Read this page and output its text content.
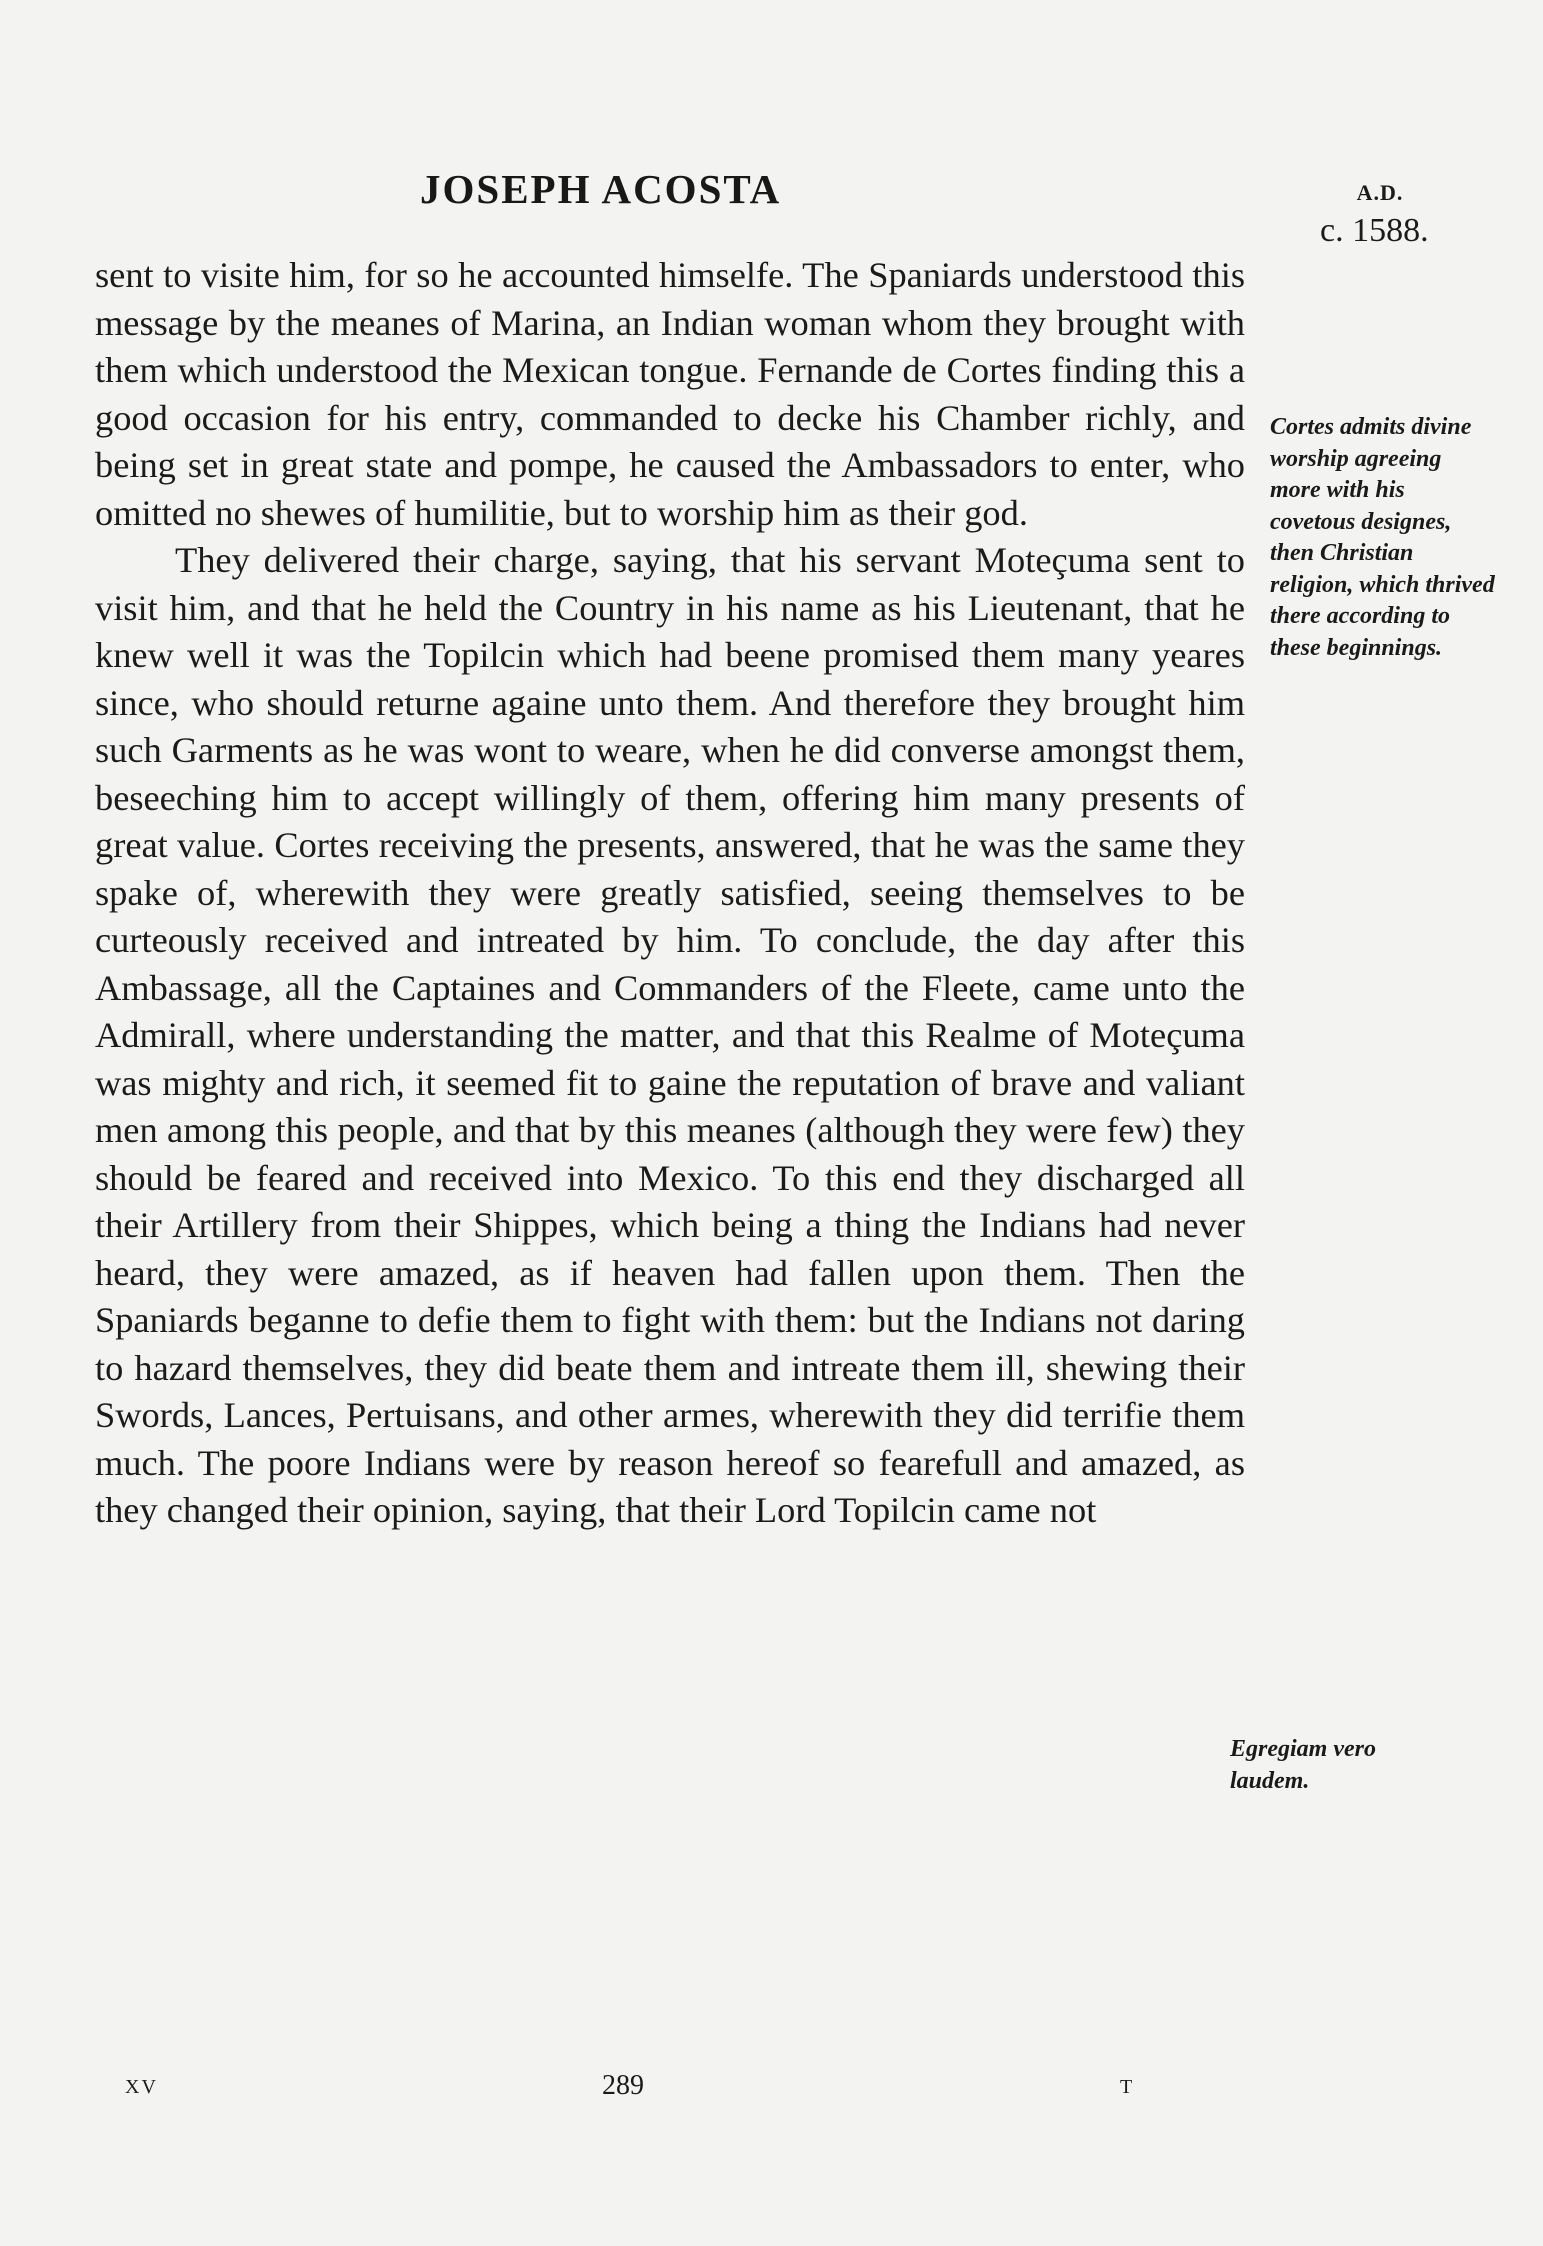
JOSEPH ACOSTA	A.D.
c. 1588.

sent to visite him, for so he accounted himselfe. The Spaniards understood this message by the meanes of Marina, an Indian woman whom they brought with them which understood the Mexican tongue. Fernande de Cortes finding this a good occasion for his entry, commanded to decke his Chamber richly, and being set in great state and pompe, he caused the Ambassadors to enter, who omitted no shewes of humilitie, but to worship him as their god.

They delivered their charge, saying, that his servant Moteçuma sent to visit him, and that he held the Country in his name as his Lieutenant, that he knew well it was the Topilcin which had beene promised them many yeares since, who should returne againe unto them. And therefore they brought him such Garments as he was wont to weare, when he did converse amongst them, beseeching him to accept willingly of them, offering him many presents of great value. Cortes receiving the presents, answered, that he was the same they spake of, wherewith they were greatly satisfied, seeing themselves to be curteously received and intreated by him. To conclude, the day after this Ambassage, all the Captaines and Commanders of the Fleete, came unto the Admirall, where understanding the matter, and that this Realme of Moteçuma was mighty and rich, it seemed fit to gaine the reputation of brave and valiant men among this people, and that by this meanes (although they were few) they should be feared and received into Mexico. To this end they discharged all their Artillery from their Shippes, which being a thing the Indians had never heard, they were amazed, as if heaven had fallen upon them. Then the Spaniards beganne to defie them to fight with them: but the Indians not daring to hazard themselves, they did beate them and intreate them ill, shewing their Swords, Lances, Pertuisans, and other armes, wherewith they did terrifie them much. The poore Indians were by reason hereof so fearefull and amazed, as they changed their opinion, saying, that their Lord Topilcin came not

Cortes admits divine worship agreeing more with his covetous designes, then Christian religion, which thrived there according to these beginnings.
Egregiam vero laudem.
XV	289	T
